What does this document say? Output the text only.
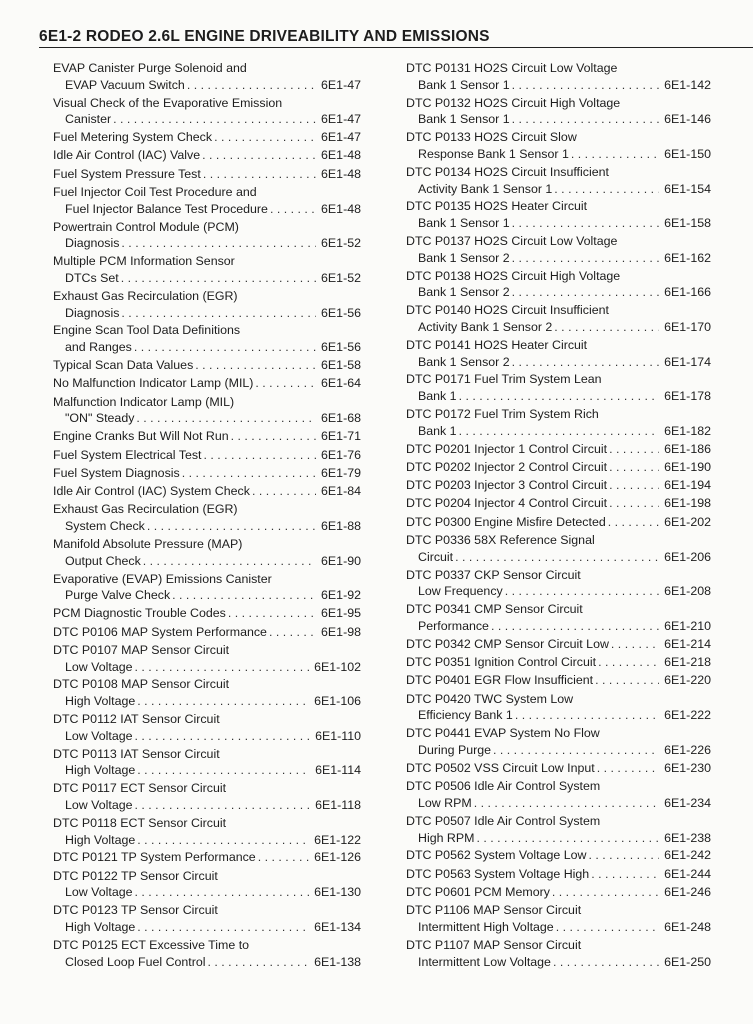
6E1-2 RODEO 2.6L ENGINE DRIVEABILITY AND EMISSIONS
EVAP Canister Purge Solenoid and
EVAP Vacuum Switch . . .	6E1-47
Visual Check of the Evaporative Emission
Canister . . .	6E1-47
Fuel Metering System Check . . .	6E1-47
Idle Air Control (IAC) Valve . . .	6E1-48
Fuel System Pressure Test . . .	6E1-48
Fuel Injector Coil Test Procedure and
Fuel Injector Balance Test Procedure . . .	6E1-48
Powertrain Control Module (PCM)
Diagnosis . . .	6E1-52
Multiple PCM Information Sensor
DTCs Set . . .	6E1-52
Exhaust Gas Recirculation (EGR)
Diagnosis . . .	6E1-56
Engine Scan Tool Data Definitions
and Ranges . . .	6E1-56
Typical Scan Data Values . . .	6E1-58
No Malfunction Indicator Lamp (MIL) . . .	6E1-64
Malfunction Indicator Lamp (MIL)
"ON" Steady . . .	6E1-68
Engine Cranks But Will Not Run . . .	6E1-71
Fuel System Electrical Test . . .	6E1-76
Fuel System Diagnosis . . .	6E1-79
Idle Air Control (IAC) System Check . . .	6E1-84
Exhaust Gas Recirculation (EGR)
System Check . . .	6E1-88
Manifold Absolute Pressure (MAP)
Output Check . . .	6E1-90
Evaporative (EVAP) Emissions Canister
Purge Valve Check . . .	6E1-92
PCM Diagnostic Trouble Codes . . .	6E1-95
DTC P0106 MAP System Performance . . .	6E1-98
DTC P0107 MAP Sensor Circuit
Low Voltage . . .	6E1-102
DTC P0108 MAP Sensor Circuit
High Voltage . . .	6E1-106
DTC P0112 IAT Sensor Circuit
Low Voltage . . .	6E1-110
DTC P0113 IAT Sensor Circuit
High Voltage . . .	6E1-114
DTC P0117 ECT Sensor Circuit
Low Voltage . . .	6E1-118
DTC P0118 ECT Sensor Circuit
High Voltage . . .	6E1-122
DTC P0121 TP System Performance . . .	6E1-126
DTC P0122 TP Sensor Circuit
Low Voltage . . .	6E1-130
DTC P0123 TP Sensor Circuit
High Voltage . . .	6E1-134
DTC P0125 ECT Excessive Time to
Closed Loop Fuel Control . . .	6E1-138
DTC P0131 HO2S Circuit Low Voltage
Bank 1 Sensor 1 . . .	6E1-142
DTC P0132 HO2S Circuit High Voltage
Bank 1 Sensor 1 . . .	6E1-146
DTC P0133 HO2S Circuit Slow
Response Bank 1 Sensor 1 . . .	6E1-150
DTC P0134 HO2S Circuit Insufficient
Activity Bank 1 Sensor 1 . . .	6E1-154
DTC P0135 HO2S Heater Circuit
Bank 1 Sensor 1 . . .	6E1-158
DTC P0137 HO2S Circuit Low Voltage
Bank 1 Sensor 2 . . .	6E1-162
DTC P0138 HO2S Circuit High Voltage
Bank 1 Sensor 2 . . .	6E1-166
DTC P0140 HO2S Circuit Insufficient
Activity Bank 1 Sensor 2 . . .	6E1-170
DTC P0141 HO2S Heater Circuit
Bank 1 Sensor 2 . . .	6E1-174
DTC P0171 Fuel Trim System Lean
Bank 1 . . .	6E1-178
DTC P0172 Fuel Trim System Rich
Bank 1 . . .	6E1-182
DTC P0201 Injector 1 Control Circuit . . .	6E1-186
DTC P0202 Injector 2 Control Circuit . . .	6E1-190
DTC P0203 Injector 3 Control Circuit . . .	6E1-194
DTC P0204 Injector 4 Control Circuit . . .	6E1-198
DTC P0300 Engine Misfire Detected . . .	6E1-202
DTC P0336 58X Reference Signal
Circuit . . .	6E1-206
DTC P0337 CKP Sensor Circuit
Low Frequency . . .	6E1-208
DTC P0341 CMP Sensor Circuit
Performance . . .	6E1-210
DTC P0342 CMP Sensor Circuit Low . . .	6E1-214
DTC P0351 Ignition Control Circuit . . .	6E1-218
DTC P0401 EGR Flow Insufficient . . .	6E1-220
DTC P0420 TWC System Low
Efficiency Bank 1 . . .	6E1-222
DTC P0441 EVAP System No Flow
During Purge . . .	6E1-226
DTC P0502 VSS Circuit Low Input . . .	6E1-230
DTC P0506 Idle Air Control System
Low RPM . . .	6E1-234
DTC P0507 Idle Air Control System
High RPM . . .	6E1-238
DTC P0562 System Voltage Low . . .	6E1-242
DTC P0563 System Voltage High . . .	6E1-244
DTC P0601 PCM Memory . . .	6E1-246
DTC P1106 MAP Sensor Circuit
Intermittent High Voltage . . .	6E1-248
DTC P1107 MAP Sensor Circuit
Intermittent Low Voltage . . .	6E1-250
